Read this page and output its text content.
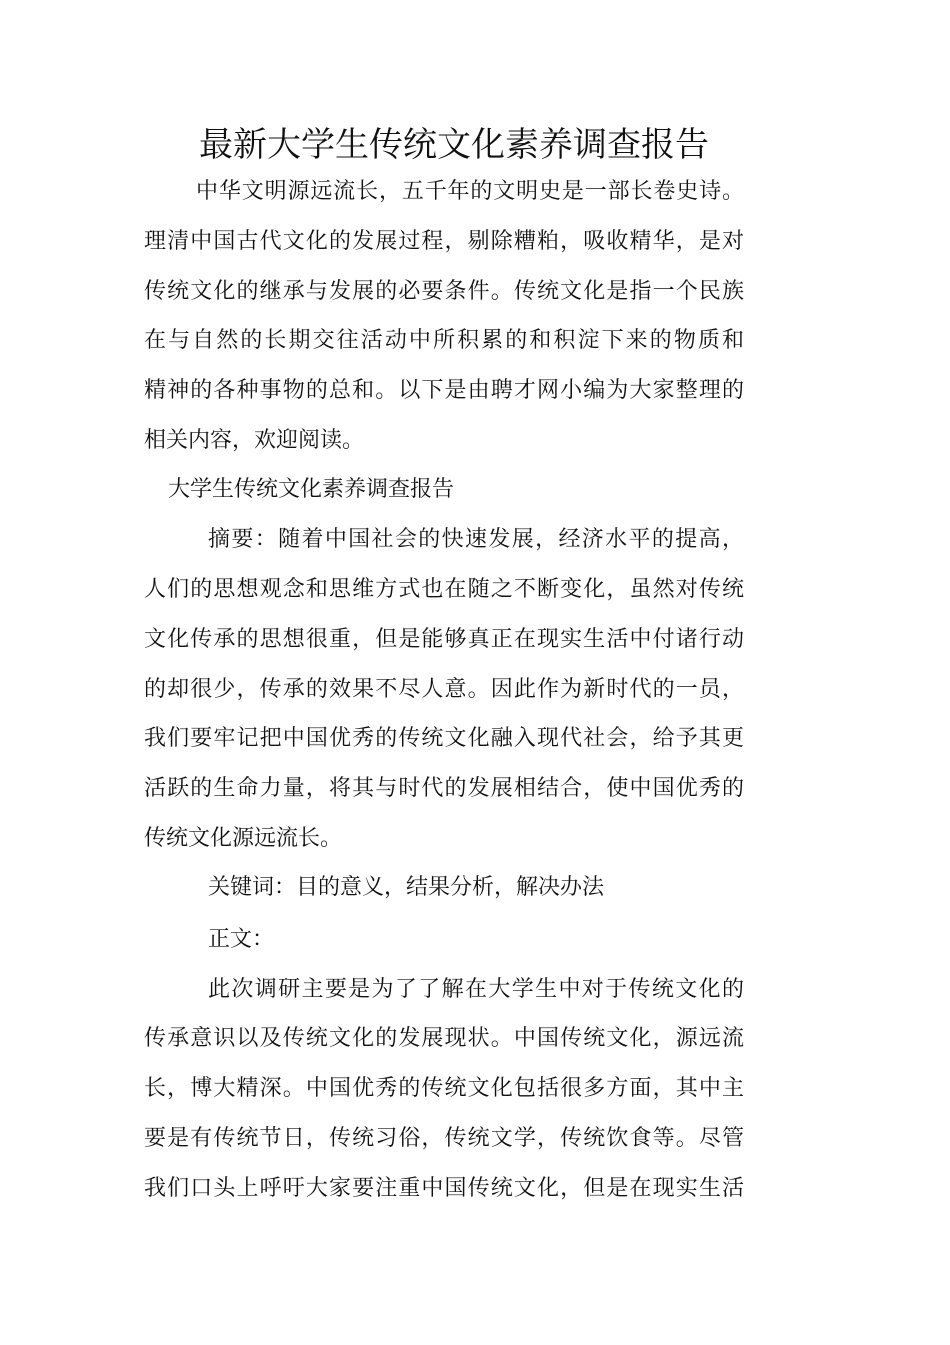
最新大学生传统文化素养调查报告
中华文明源远流长，五千年的文明史是一部长卷史诗。
理清中国古代文化的发展过程，剔除糟粕，吸收精华，是对
传统文化的继承与发展的必要条件。传统文化是指一个民族
在与自然的长期交往活动中所积累的和积淀下来的物质和
精神的各种事物的总和。以下是由聘才网小编为大家整理的
相关内容，欢迎阅读。
大学生传统文化素养调查报告
摘要：随着中国社会的快速发展，经济水平的提高，
人们的思想观念和思维方式也在随之不断变化，虽然对传统
文化传承的思想很重，但是能够真正在现实生活中付诸行动
的却很少，传承的效果不尽人意。因此作为新时代的一员，
我们要牢记把中国优秀的传统文化融入现代社会，给予其更
活跃的生命力量，将其与时代的发展相结合，使中国优秀的
传统文化源远流长。
关键词：目的意义，结果分析，解决办法
正文：
此次调研主要是为了了解在大学生中对于传统文化的
传承意识以及传统文化的发展现状。中国传统文化，源远流
长，博大精深。中国优秀的传统文化包括很多方面，其中主
要是有传统节日，传统习俗，传统文学，传统饮食等。尽管
我们口头上呼吁大家要注重中国传统文化，但是在现实生活
